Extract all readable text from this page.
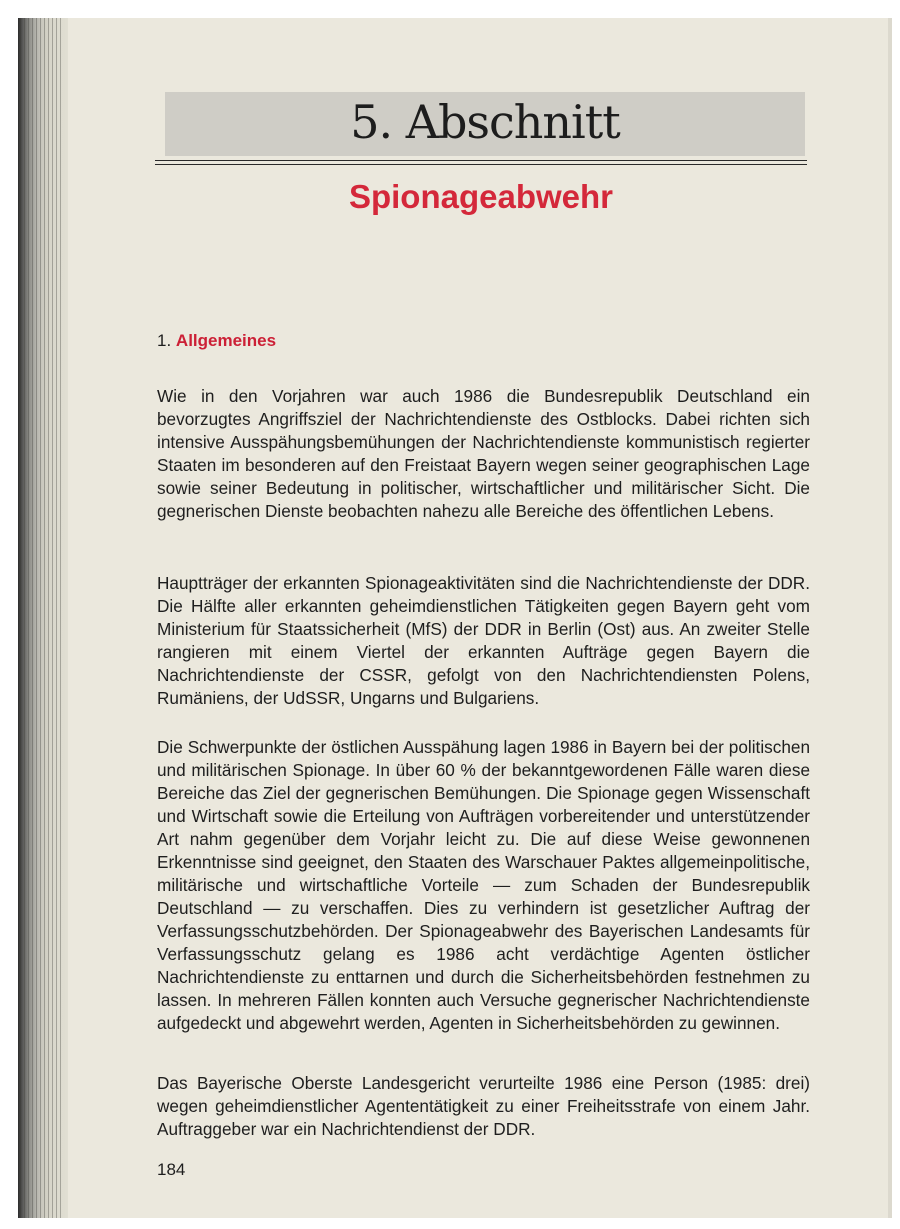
5. Abschnitt
Spionageabwehr
1. Allgemeines

Wie in den Vorjahren war auch 1986 die Bundesrepublik Deutschland ein bevorzugtes Angriffsziel der Nachrichtendienste des Ostblocks. Dabei richten sich intensive Ausspähungsbemühungen der Nachrichtendienste kommunistisch regierter Staaten im besonderen auf den Freistaat Bayern wegen seiner geographischen Lage sowie seiner Bedeutung in politischer, wirtschaftlicher und militärischer Sicht. Die gegnerischen Dienste beobachten nahezu alle Bereiche des öffentlichen Lebens.

Hauptträger der erkannten Spionageaktivitäten sind die Nachrichtendienste der DDR. Die Hälfte aller erkannten geheimdienstlichen Tätigkeiten gegen Bayern geht vom Ministerium für Staatssicherheit (MfS) der DDR in Berlin (Ost) aus. An zweiter Stelle rangieren mit einem Viertel der erkannten Aufträge gegen Bayern die Nachrichtendienste der CSSR, gefolgt von den Nachrichtendiensten Polens, Rumäniens, der UdSSR, Ungarns und Bulgariens.

Die Schwerpunkte der östlichen Ausspähung lagen 1986 in Bayern bei der politischen und militärischen Spionage. In über 60 % der bekanntgewordenen Fälle waren diese Bereiche das Ziel der gegnerischen Bemühungen. Die Spionage gegen Wissenschaft und Wirtschaft sowie die Erteilung von Aufträgen vorbereitender und unterstützender Art nahm gegenüber dem Vorjahr leicht zu. Die auf diese Weise gewonnenen Erkenntnisse sind geeignet, den Staaten des Warschauer Paktes allgemeinpolitische, militärische und wirtschaftliche Vorteile — zum Schaden der Bundesrepublik Deutschland — zu verschaffen. Dies zu verhindern ist gesetzlicher Auftrag der Verfassungsschutzbehörden. Der Spionageabwehr des Bayerischen Landesamts für Verfassungsschutz gelang es 1986 acht verdächtige Agenten östlicher Nachrichtendienste zu enttarnen und durch die Sicherheitsbehörden festnehmen zu lassen. In mehreren Fällen konnten auch Versuche gegnerischer Nachrichtendienste aufgedeckt und abgewehrt werden, Agenten in Sicherheitsbehörden zu gewinnen.

Das Bayerische Oberste Landesgericht verurteilte 1986 eine Person (1985: drei) wegen geheimdienstlicher Agententätigkeit zu einer Freiheitsstrafe von einem Jahr. Auftraggeber war ein Nachrichtendienst der DDR.

184
